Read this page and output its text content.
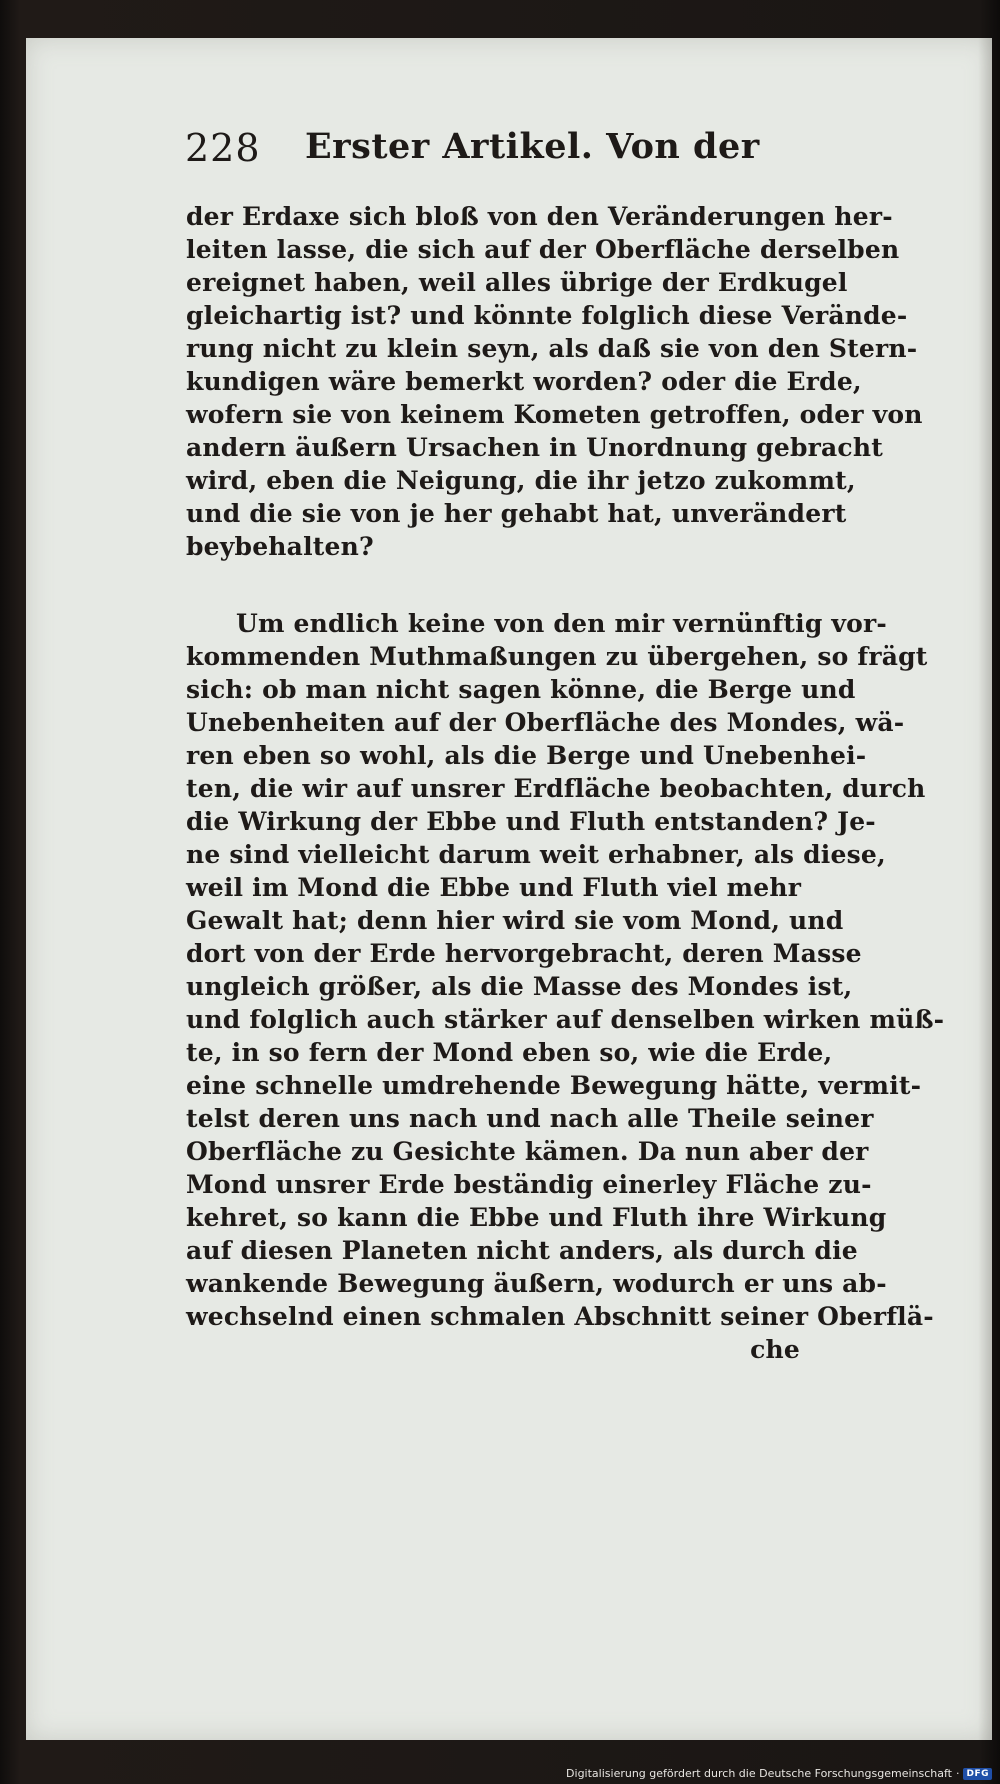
228 Erster Artikel. Von der
der Erdaxe sich bloß von den Veränderungen her-
leiten lasse, die sich auf der Oberfläche derselben
ereignet haben, weil alles übrige der Erdkugel
gleichartig ist? und könnte folglich diese Verände-
rung nicht zu klein seyn, als daß sie von den Stern-
kundigen wäre bemerkt worden? oder die Erde,
wofern sie von keinem Kometen getroffen, oder von
andern äußern Ursachen in Unordnung gebracht
wird, eben die Neigung, die ihr jetzo zukommt,
und die sie von je her gehabt hat, unverändert
beybehalten?
Um endlich keine von den mir vernünftig vor-
kommenden Muthmaßungen zu übergehen, so frägt
sich: ob man nicht sagen könne, die Berge und
Unebenheiten auf der Oberfläche des Mondes, wä-
ren eben so wohl, als die Berge und Unebenhei-
ten, die wir auf unsrer Erdfläche beobachten, durch
die Wirkung der Ebbe und Fluth entstanden? Je-
ne sind vielleicht darum weit erhabner, als diese,
weil im Mond die Ebbe und Fluth viel mehr
Gewalt hat; denn hier wird sie vom Mond, und
dort von der Erde hervorgebracht, deren Masse
ungleich größer, als die Masse des Mondes ist,
und folglich auch stärker auf denselben wirken müß-
te, in so fern der Mond eben so, wie die Erde,
eine schnelle umdrehende Bewegung hätte, vermit-
telst deren uns nach und nach alle Theile seiner
Oberfläche zu Gesichte kämen. Da nun aber der
Mond unsrer Erde beständig einerley Fläche zu-
kehret, so kann die Ebbe und Fluth ihre Wirkung
auf diesen Planeten nicht anders, als durch die
wankende Bewegung äußern, wodurch er uns ab-
wechselnd einen schmalen Abschnitt seiner Oberflä-
che
Digitalisierung gefördert durch die Deutsche Forschungsgemeinschaft · DFG
